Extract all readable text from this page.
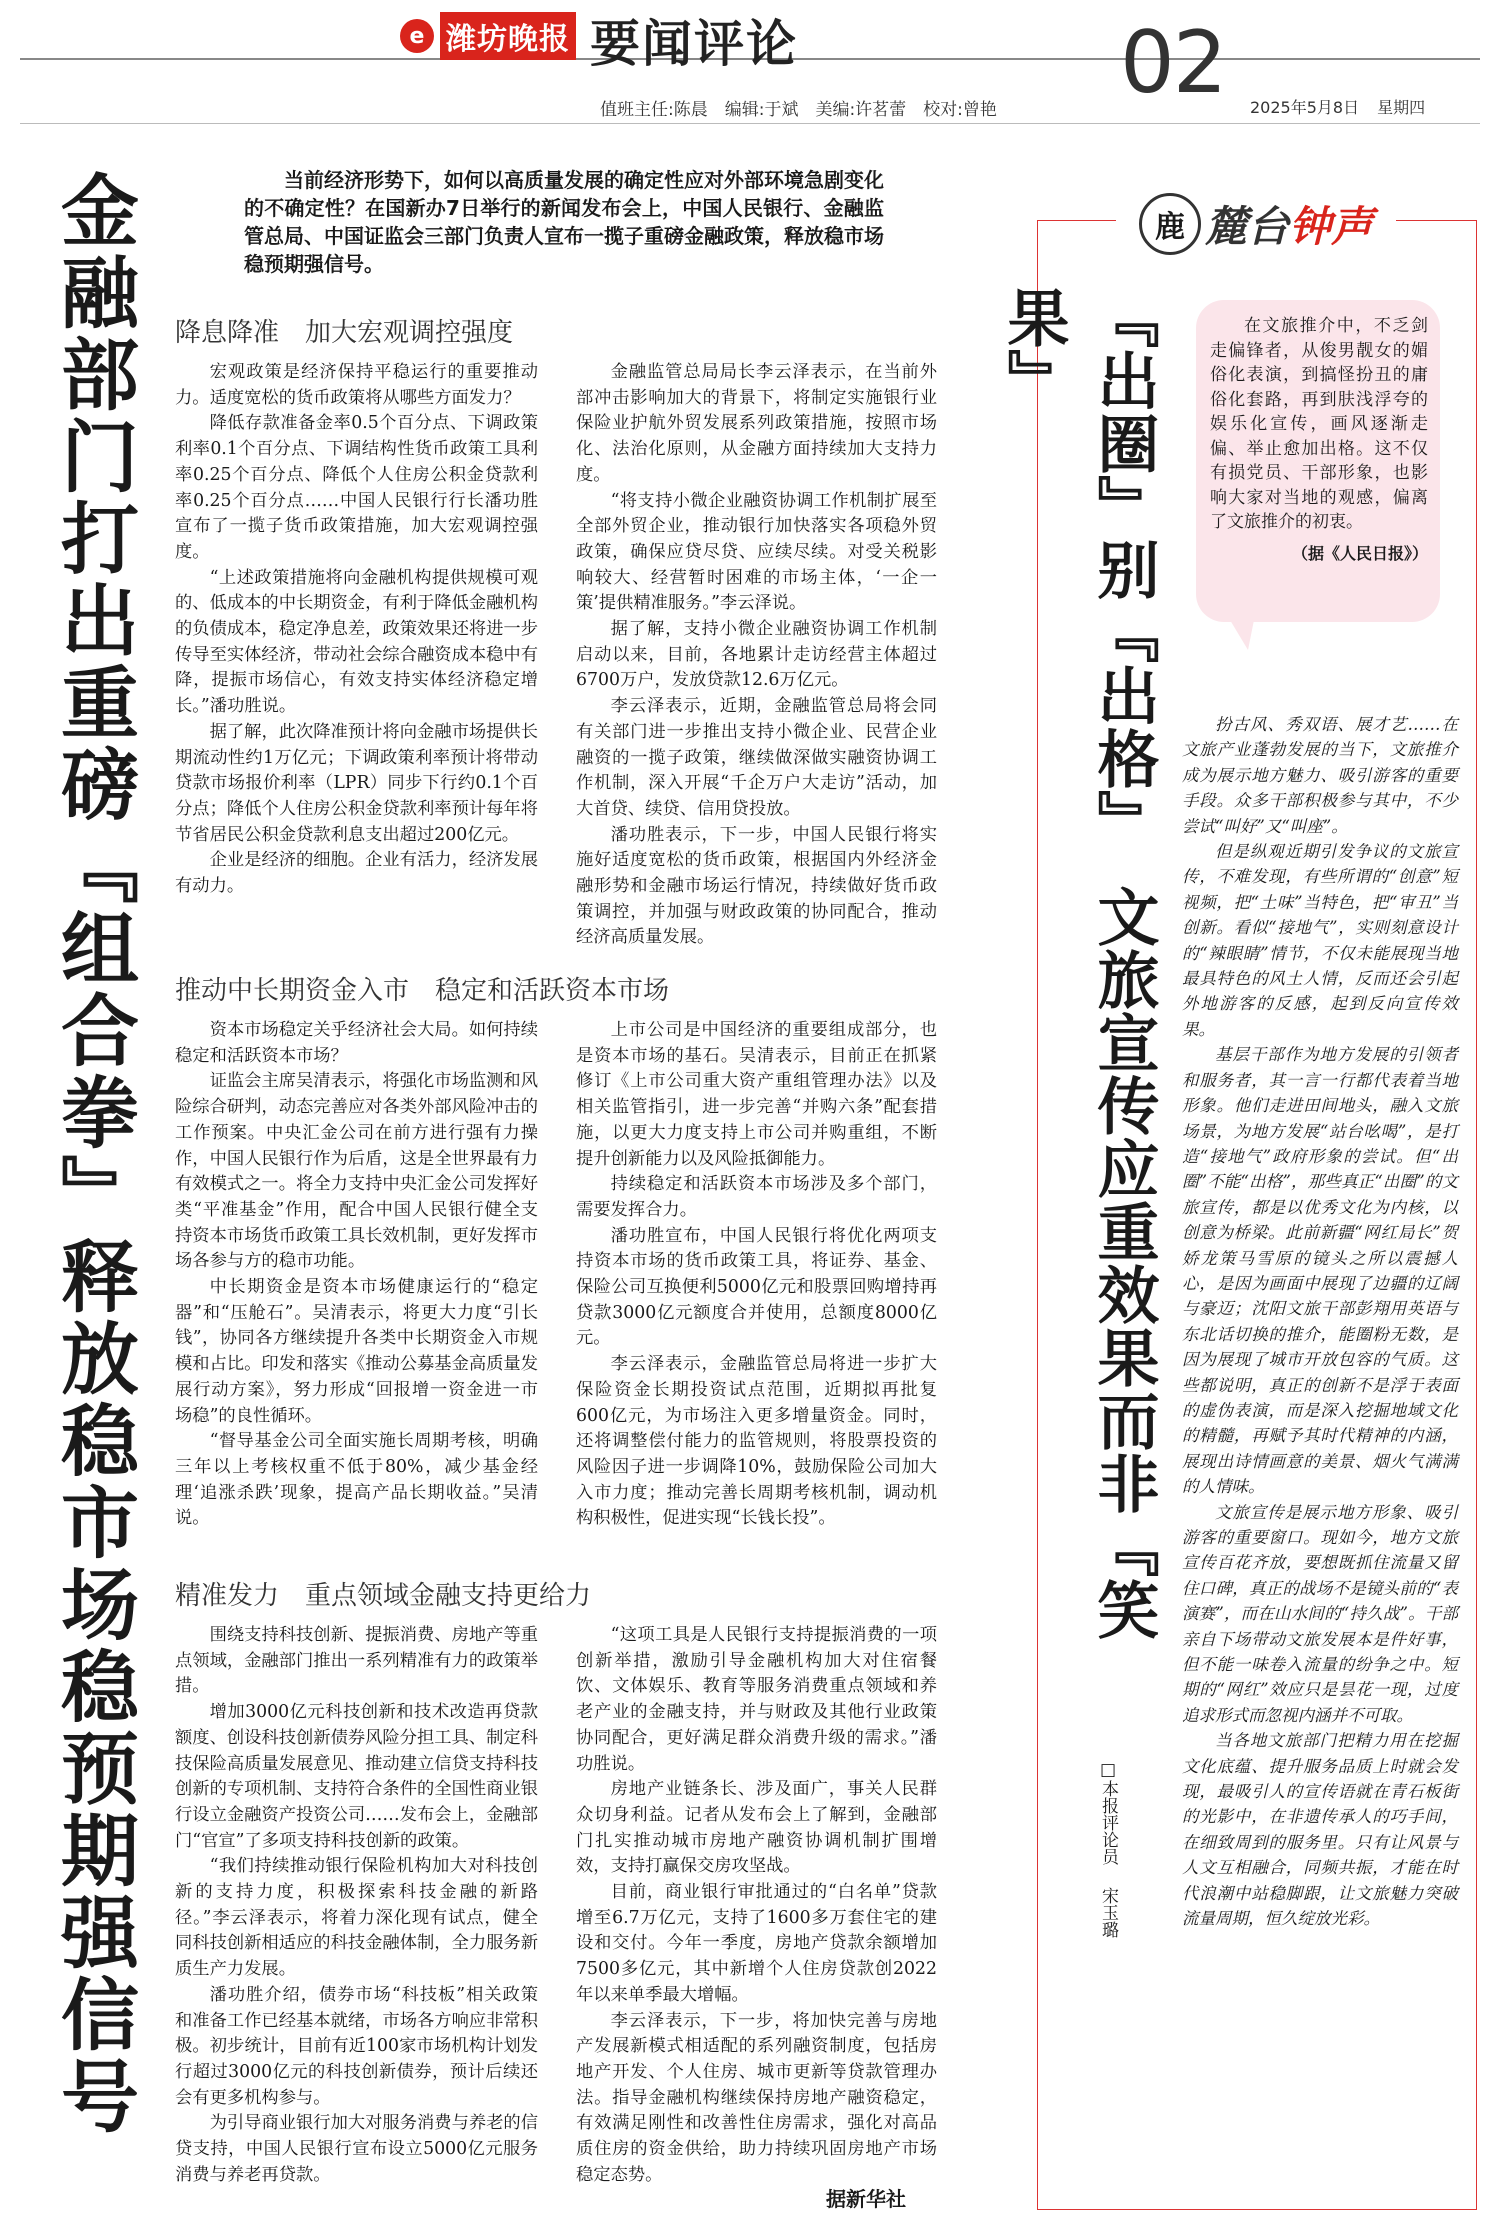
e 潍坊晚报 要闻评论	02
值班主任:陈晨　编辑:于斌　美编:许茗蕾　校对:曾艳	2025年5月8日 星期四
金融部门打出重磅『组合拳』释放稳市场稳预期强信号	当前经济形势下，如何以高质量发展的确定性应对外部环境急剧变化的不确定性？在国新办7日举行的新闻发布会上，中国人民银行、金融监管总局、中国证监会三部门负责人宣布一揽子重磅金融政策，释放稳市场稳预期强信号。
降息降准　加大宏观调控强度

宏观政策是经济保持平稳运行的重要推动力。适度宽松的货币政策将从哪些方面发力？

降低存款准备金率0.5个百分点、下调政策利率0.1个百分点、下调结构性货币政策工具利率0.25个百分点、降低个人住房公积金贷款利率0.25个百分点……中国人民银行行长潘功胜宣布了一揽子货币政策措施，加大宏观调控强度。

“上述政策措施将向金融机构提供规模可观的、低成本的中长期资金，有利于降低金融机构的负债成本，稳定净息差，政策效果还将进一步传导至实体经济，带动社会综合融资成本稳中有降，提振市场信心，有效支持实体经济稳定增长。”潘功胜说。

据了解，此次降准预计将向金融市场提供长期流动性约1万亿元；下调政策利率预计将带动贷款市场报价利率（LPR）同步下行约0.1个百分点；降低个人住房公积金贷款利率预计每年将节省居民公积金贷款利息支出超过200亿元。

企业是经济的细胞。企业有活力，经济发展有动力。

金融监管总局局长李云泽表示，在当前外部冲击影响加大的背景下，将制定实施银行业保险业护航外贸发展系列政策措施，按照市场化、法治化原则，从金融方面持续加大支持力度。

“将支持小微企业融资协调工作机制扩展至全部外贸企业，推动银行加快落实各项稳外贸政策，确保应贷尽贷、应续尽续。对受关税影响较大、经营暂时困难的市场主体，‘一企一策’提供精准服务。”李云泽说。

据了解，支持小微企业融资协调工作机制启动以来，目前，各地累计走访经营主体超过6700万户，发放贷款12.6万亿元。

李云泽表示，近期，金融监管总局将会同有关部门进一步推出支持小微企业、民营企业融资的一揽子政策，继续做深做实融资协调工作机制，深入开展“千企万户大走访”活动，加大首贷、续贷、信用贷投放。

潘功胜表示，下一步，中国人民银行将实施好适度宽松的货币政策，根据国内外经济金融形势和金融市场运行情况，持续做好货币政策调控，并加强与财政政策的协同配合，推动经济高质量发展。

推动中长期资金入市　稳定和活跃资本市场

资本市场稳定关乎经济社会大局。如何持续稳定和活跃资本市场？

证监会主席吴清表示，将强化市场监测和风险综合研判，动态完善应对各类外部风险冲击的工作预案。中央汇金公司在前方进行强有力操作，中国人民银行作为后盾，这是全世界最有力有效模式之一。将全力支持中央汇金公司发挥好类“平准基金”作用，配合中国人民银行健全支持资本市场货币政策工具长效机制，更好发挥市场各参与方的稳市功能。

中长期资金是资本市场健康运行的“稳定器”和“压舱石”。吴清表示，将更大力度“引长钱”，协同各方继续提升各类中长期资金入市规模和占比。印发和落实《推动公募基金高质量发展行动方案》，努力形成“回报增一资金进一市场稳”的良性循环。

“督导基金公司全面实施长周期考核，明确三年以上考核权重不低于80%，减少基金经理‘追涨杀跌’现象，提高产品长期收益。”吴清说。

上市公司是中国经济的重要组成部分，也是资本市场的基石。吴清表示，目前正在抓紧修订《上市公司重大资产重组管理办法》以及相关监管指引，进一步完善“并购六条”配套措施，以更大力度支持上市公司并购重组，不断提升创新能力以及风险抵御能力。

持续稳定和活跃资本市场涉及多个部门，需要发挥合力。

潘功胜宣布，中国人民银行将优化两项支持资本市场的货币政策工具，将证券、基金、保险公司互换便利5000亿元和股票回购增持再贷款3000亿元额度合并使用，总额度8000亿元。

李云泽表示，金融监管总局将进一步扩大保险资金长期投资试点范围，近期拟再批复600亿元，为市场注入更多增量资金。同时，还将调整偿付能力的监管规则，将股票投资的风险因子进一步调降10%，鼓励保险公司加大入市力度；推动完善长周期考核机制，调动机构积极性，促进实现“长钱长投”。

精准发力　重点领域金融支持更给力

围绕支持科技创新、提振消费、房地产等重点领域，金融部门推出一系列精准有力的政策举措。

增加3000亿元科技创新和技术改造再贷款额度、创设科技创新债券风险分担工具、制定科技保险高质量发展意见、推动建立信贷支持科技创新的专项机制、支持符合条件的全国性商业银行设立金融资产投资公司……发布会上，金融部门“官宣”了多项支持科技创新的政策。

“我们持续推动银行保险机构加大对科技创新的支持力度，积极探索科技金融的新路径。”李云泽表示，将着力深化现有试点，健全同科技创新相适应的科技金融体制，全力服务新质生产力发展。

潘功胜介绍，债券市场“科技板”相关政策和准备工作已经基本就绪，市场各方响应非常积极。初步统计，目前有近100家市场机构计划发行超过3000亿元的科技创新债券，预计后续还会有更多机构参与。

为引导商业银行加大对服务消费与养老的信贷支持，中国人民银行宣布设立5000亿元服务消费与养老再贷款。

“这项工具是人民银行支持提振消费的一项创新举措，激励引导金融机构加大对住宿餐饮、文体娱乐、教育等服务消费重点领域和养老产业的金融支持，并与财政及其他行业政策协同配合，更好满足群众消费升级的需求。”潘功胜说。

房地产业链条长、涉及面广，事关人民群众切身利益。记者从发布会上了解到，金融部门扎实推动城市房地产融资协调机制扩围增效，支持打赢保交房攻坚战。

目前，商业银行审批通过的“白名单”贷款增至6.7万亿元，支持了1600多万套住宅的建设和交付。今年一季度，房地产贷款余额增加7500多亿元，其中新增个人住房贷款创2022年以来单季最大增幅。

李云泽表示，下一步，将加快完善与房地产发展新模式相适配的系列融资制度，包括房地产开发、个人住房、城市更新等贷款管理办法。指导金融机构继续保持房地产融资稳定，有效满足刚性和改善性住房需求，强化对高品质住房的资金供给，助力持续巩固房地产市场稳定态势。

据新华社
鹿 麓台钟声
『出圈』别『出格』　文旅宣传应重效果而非『笑果』	在文旅推介中，不乏剑走偏锋者，从俊男靓女的媚俗化表演，到搞怪扮丑的庸俗化套路，再到肤浅浮夸的娱乐化宣传，画风逐渐走偏、举止愈加出格。这不仅有损党员、干部形象，也影响大家对当地的观感，偏离了文旅推介的初衷。
（据《人民日报》）
□本报评论员宋玉璐

扮古风、秀双语、展才艺……在文旅产业蓬勃发展的当下，文旅推介成为展示地方魅力、吸引游客的重要手段。众多干部积极参与其中，不少尝试“叫好”又“叫座”。

但是纵观近期引发争议的文旅宣传，不难发现，有些所谓的“创意”短视频，把“土味”当特色，把“审丑”当创新。看似“接地气”，实则刻意设计的“辣眼睛”情节，不仅未能展现当地最具特色的风土人情，反而还会引起外地游客的反感，起到反向宣传效果。

基层干部作为地方发展的引领者和服务者，其一言一行都代表着当地形象。他们走进田间地头，融入文旅场景，为地方发展“站台吆喝”，是打造“接地气”政府形象的尝试。但“出圈”不能“出格”，那些真正“出圈”的文旅宣传，都是以优秀文化为内核，以创意为桥梁。此前新疆“网红局长”贺娇龙策马雪原的镜头之所以震撼人心，是因为画面中展现了边疆的辽阔与豪迈；沈阳文旅干部彭翔用英语与东北话切换的推介，能圈粉无数，是因为展现了城市开放包容的气质。这些都说明，真正的创新不是浮于表面的虚伪表演，而是深入挖掘地域文化的精髓，再赋予其时代精神的内涵，展现出诗情画意的美景、烟火气满满的人情味。

文旅宣传是展示地方形象、吸引游客的重要窗口。现如今，地方文旅宣传百花齐放，要想既抓住流量又留住口碑，真正的战场不是镜头前的“表演赛”，而在山水间的“持久战”。干部亲自下场带动文旅发展本是件好事，但不能一味卷入流量的纷争之中。短期的“网红”效应只是昙花一现，过度追求形式而忽视内涵并不可取。

当各地文旅部门把精力用在挖掘文化底蕴、提升服务品质上时就会发现，最吸引人的宣传语就在青石板街的光影中，在非遗传承人的巧手间，在细致周到的服务里。只有让风景与人文互相融合，同频共振，才能在时代浪潮中站稳脚跟，让文旅魅力突破流量周期，恒久绽放光彩。
